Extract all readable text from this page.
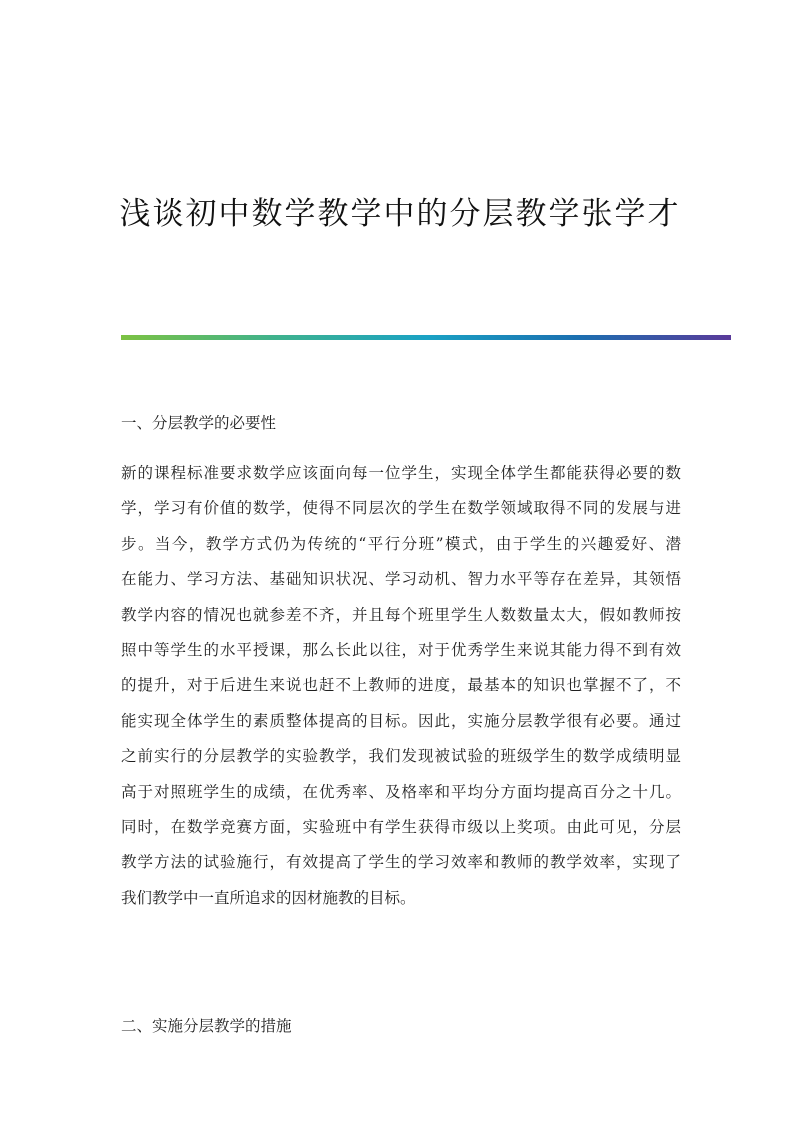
浅谈初中数学教学中的分层教学张学才
一、分层教学的必要性
新的课程标准要求数学应该面向每一位学生，实现全体学生都能获得必要的数
学，学习有价值的数学，使得不同层次的学生在数学领域取得不同的发展与进
步。当今，教学方式仍为传统的“平行分班”模式，由于学生的兴趣爱好、潜
在能力、学习方法、基础知识状况、学习动机、智力水平等存在差异，其领悟
教学内容的情况也就参差不齐，并且每个班里学生人数数量太大，假如教师按
照中等学生的水平授课，那么长此以往，对于优秀学生来说其能力得不到有效
的提升，对于后进生来说也赶不上教师的进度，最基本的知识也掌握不了，不
能实现全体学生的素质整体提高的目标。因此，实施分层教学很有必要。通过
之前实行的分层教学的实验教学，我们发现被试验的班级学生的数学成绩明显
高于对照班学生的成绩，在优秀率、及格率和平均分方面均提高百分之十几。
同时，在数学竞赛方面，实验班中有学生获得市级以上奖项。由此可见，分层
教学方法的试验施行，有效提高了学生的学习效率和教师的教学效率，实现了
我们教学中一直所追求的因材施教的目标。
二、实施分层教学的措施
